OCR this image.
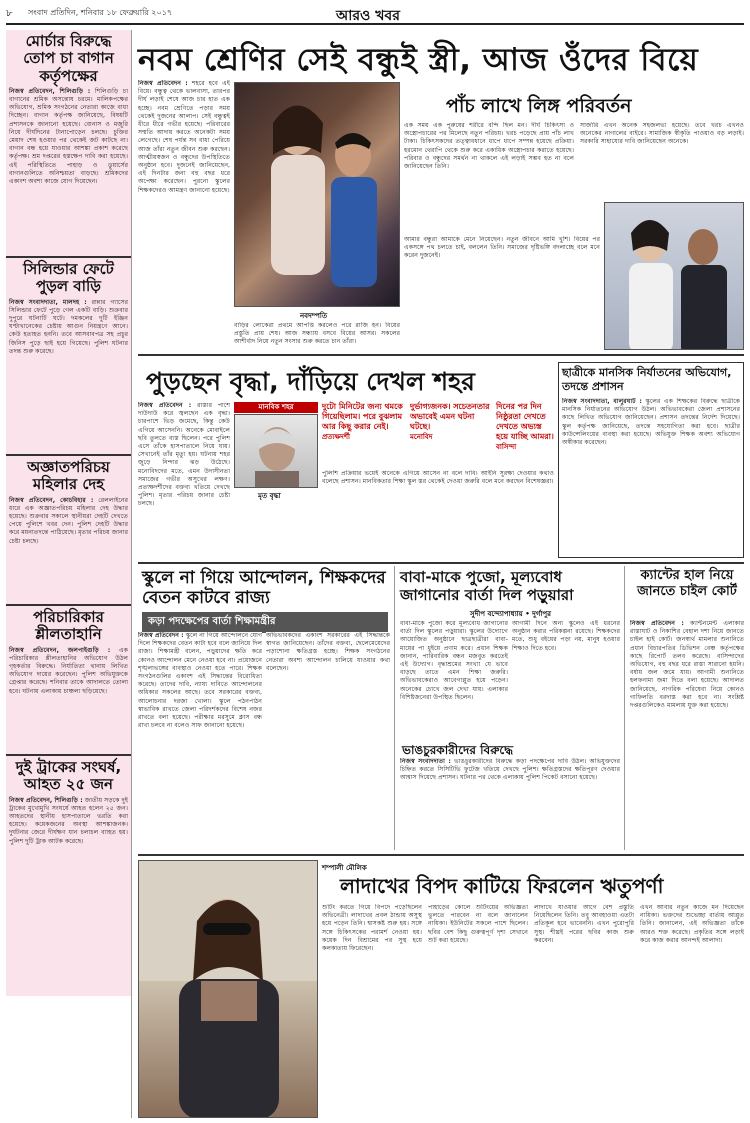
৮ সংবাদ প্রতিদিন, শনিবার ১৮ ফেব্রুয়ারি ২০১৭	আরও খবর
মোর্চার বিরুদ্ধে তোপ চা বাগান কর্তৃপক্ষের
নিজস্ব প্রতিবেদন, শিলিগুড়ি : শিলিগুড়ি চা বাগানের শ্রমিক অসন্তোষ চরমে। মালিকপক্ষের অভিযোগ, শ্রমিক সংগঠনের নেতারা কাজে বাধা দিচ্ছেন। বাগান কর্তৃপক্ষ জানিয়েছে, বিষয়টি প্রশাসনকে জানানো হয়েছে। বোনাস ও মজুরি নিয়ে দীর্ঘদিনের টানাপোড়েন চলছে। চুক্তির মেয়াদ শেষ হওয়ার পর থেকেই জট কাটছে না। বাগান বন্ধ হয়ে যাওয়ার আশঙ্কা প্রকাশ করেছে কর্তৃপক্ষ। শ্রম দপ্তরের হস্তক্ষেপ দাবি করা হয়েছে। এই পরিস্থিতিতে পাহাড় ও ডুয়ার্সের বাগানগুলিতে অনিশ্চয়তা বাড়ছে। শ্রমিকদের একাংশ অবশ্য কাজে যোগ দিয়েছেন।
সিলিন্ডার ফেটে পুড়ল বাড়ি
নিজস্ব সংবাদদাতা, মালদহ : রান্নার গ্যাসের সিলিন্ডার ফেটে পুড়ে গেল একটি বাড়ি। শুক্রবার দুপুরে ঘটনাটি ঘটে। দমকলের দুটি ইঞ্জিন ঘণ্টাখানেকের চেষ্টায় আগুন নিয়ন্ত্রণে আনে। কেউ হতাহত হননি। তবে আসবাবপত্র সহ প্রচুর জিনিস পুড়ে ছাই হয়ে গিয়েছে। পুলিশ ঘটনার তদন্ত শুরু করেছে।
অজ্ঞাতপরিচয় মহিলার দেহ
নিজস্ব প্রতিবেদন, কোচবিহার : রেললাইনের ধারে এক অজ্ঞাতপরিচয় মহিলার দেহ উদ্ধার হয়েছে। শুক্রবার সকালে স্থানীয়রা দেহটি দেখতে পেয়ে পুলিশে খবর দেন। পুলিশ দেহটি উদ্ধার করে ময়নাতদন্তে পাঠিয়েছে। মৃতার পরিচয় জানার চেষ্টা চলছে।
পরিচারিকার শ্লীলতাহানি
নিজস্ব প্রতিবেদন, জলপাইগুড়ি : এক পরিচারিকার শ্লীলতাহানির অভিযোগ উঠল গৃহকর্তার বিরুদ্ধে। নির্যাতিতা থানায় লিখিত অভিযোগ দায়ের করেছেন। পুলিশ অভিযুক্তকে গ্রেপ্তার করেছে। শনিবার তাকে আদালতে তোলা হবে। ঘটনায় এলাকায় চাঞ্চল্য ছড়িয়েছে।
দুই ট্রাকের সংঘর্ষ, আহত ২৫ জন
নিজস্ব প্রতিবেদন, শিলিগুড়ি : জাতীয় সড়কে দুই ট্রাকের মুখোমুখি সংঘর্ষে আহত হলেন ২৫ জন। আহতদের স্থানীয় হাসপাতালে ভরতি করা হয়েছে। কয়েকজনের অবস্থা আশঙ্কাজনক। দুর্ঘটনার জেরে দীর্ঘক্ষণ যান চলাচল ব্যাহত হয়। পুলিশ দুটি ট্রাক আটক করেছে।
নবম শ্রেণির সেই বন্ধুই স্ত্রী, আজ ওঁদের বিয়ে
নিজস্ব প্রতিবেদন : শহরে হবে এই বিয়ে। বন্ধুত্ব থেকে ভালবাসা, তারপর দীর্ঘ লড়াই শেষে আজ চার হাত এক হচ্ছে। নবম শ্রেণিতে পড়ার সময় থেকেই দুজনের আলাপ। সেই বন্ধুত্বই ধীরে ধীরে গভীর হয়েছে। পরিবারের সম্মতি আদায় করতে অনেকটা সময় লেগেছে। শেষ পর্যন্ত সব বাধা পেরিয়ে আজ তাঁরা নতুন জীবন শুরু করছেন। আত্মীয়স্বজন ও বন্ধুদের উপস্থিতিতে অনুষ্ঠান হবে। দুজনেই জানিয়েছেন, এই দিনটার জন্য বহু বছর ধরে অপেক্ষা করেছেন। পুরনো স্কুলের শিক্ষকদেরও আমন্ত্রণ জানানো হয়েছে।
নবদম্পতি
বাড়ির লোকেরা প্রথমে আপত্তি করলেও পরে রাজি হন। বিয়ের প্রস্তুতি প্রায় শেষ। আজ সন্ধ্যায় বসবে বিয়ের আসর। সকলের আশীর্বাদ নিয়ে নতুন সংসার শুরু করতে চান তাঁরা।
পাঁচ লাখে লিঙ্গ পরিবর্তন
এক সময় এক পুরুষের শরীরে বন্দি ছিল মন। দীর্ঘ চিকিৎসা ও অস্ত্রোপচারের পর মিলেছে নতুন পরিচয়। খরচ পড়েছে প্রায় পাঁচ লাখ টাকা। চিকিৎসকদের তত্ত্বাবধানে ধাপে ধাপে সম্পন্ন হয়েছে প্রক্রিয়া। হরমোন থেরাপি থেকে শুরু করে একাধিক অস্ত্রোপচার করাতে হয়েছে। পরিবার ও বন্ধুদের সমর্থন না থাকলে এই লড়াই সম্ভব হত না বলে জানিয়েছেন তিনি।
সার্জারি এখন অনেক সহজলভ্য হয়েছে। তবে খরচ এখনও অনেকের নাগালের বাইরে। সামাজিক স্বীকৃতি পাওয়াও বড় লড়াই। সরকারি সাহায্যের দাবি জানিয়েছেন অনেকে।
আমার বন্ধুরা আমাকে মেনে নিয়েছেন। নতুন জীবনে আমি খুশি। বিয়ের পর একসঙ্গে পথ চলতে চাই, বললেন তিনি। সমাজের দৃষ্টিভঙ্গি বদলাচ্ছে বলে মনে করেন দুজনেই।
পুড়ছেন বৃদ্ধা, দাঁড়িয়ে দেখল শহর
নিজস্ব প্রতিবেদন : রাস্তার পাশে দাউদাউ করে জ্বলছেন এক বৃদ্ধা। চারপাশে ভিড় জমেছে, কিন্তু কেউ এগিয়ে আসেননি। অনেকে মোবাইলে ছবি তুলতে ব্যস্ত ছিলেন। পরে পুলিশ এসে তাঁকে হাসপাতালে নিয়ে যায়। সেখানেই তাঁর মৃত্যু হয়। ঘটনায় শহর জুড়ে নিন্দার ঝড় উঠেছে। মনোবিদদের মতে, এমন উদাসীনতা সমাজের গভীর অসুখের লক্ষণ। প্রত্যক্ষদর্শীদের বক্তব্য খতিয়ে দেখছে পুলিশ। মৃতার পরিচয় জানার চেষ্টা চলছে।
মানবিক শহর
মৃত বৃদ্ধা
দুটো মিনিটের জন্য থমকে গিয়েছিলাম। পরে বুঝলাম আর কিছু করার নেই।
প্রত্যক্ষদর্শী
দুর্ভাগ্যজনক। সচেতনতার অভাবেই এমন ঘটনা ঘটছে।
মনোবিদ
দিনের পর দিন নিষ্ঠুরতা দেখতে দেখতে অভ্যস্ত হয়ে যাচ্ছি আমরা।
বাসিন্দা
পুলিশি প্রক্রিয়ার ভয়েই অনেকে এগিয়ে আসেন না বলে দাবি। আইনি সুরক্ষা দেওয়ার কথাও বলেছে প্রশাসন। মানবিকতার শিক্ষা স্কুল স্তর থেকেই দেওয়া জরুরি বলে মনে করছেন বিশেষজ্ঞরা।
ছাত্রীকে মানসিক নির্যাতনের অভিযোগ, তদন্তে প্রশাসন
নিজস্ব সংবাদদাতা, বালুরঘাট : স্কুলের এক শিক্ষকের বিরুদ্ধে ছাত্রীকে মানসিক নির্যাতনের অভিযোগ উঠল। অভিভাবকেরা জেলা প্রশাসনের কাছে লিখিত অভিযোগ জানিয়েছেন। প্রশাসন তদন্তের নির্দেশ দিয়েছে। স্কুল কর্তৃপক্ষ জানিয়েছে, তদন্তে সহযোগিতা করা হবে। ছাত্রীর কাউন্সেলিংয়ের ব্যবস্থা করা হয়েছে। অভিযুক্ত শিক্ষক অবশ্য অভিযোগ অস্বীকার করেছেন।
স্কুলে না গিয়ে আন্দোলন, শিক্ষকদের বেতন কাটবে রাজ্য
কড়া পদক্ষেপের বার্তা শিক্ষামন্ত্রীর
নিজস্ব প্রতিবেদন : স্কুলে না গিয়ে আন্দোলনে যোগ দিলে শিক্ষকদের বেতন কাটা হবে বলে জানিয়ে দিল রাজ্য। শিক্ষামন্ত্রী বলেন, পড়ুয়াদের ক্ষতি করে কোনও আন্দোলন মেনে নেওয়া হবে না। প্রয়োজনে শৃঙ্খলাভঙ্গের ব্যবস্থাও নেওয়া হতে পারে। শিক্ষক সংগঠনগুলির একাংশ এই সিদ্ধান্তের বিরোধিতা করেছে। তাদের দাবি, ন্যায্য দাবিতে আন্দোলনের অধিকার সকলের আছে। তবে সরকারের বক্তব্য, আলোচনার দরজা খোলা। স্কুলে পঠনপাঠন স্বাভাবিক রাখতে জেলা পরিদর্শকদের বিশেষ নজর রাখতে বলা হয়েছে। পরীক্ষার মরসুমে ক্লাস বন্ধ রাখা চলবে না বলেও সাফ জানানো হয়েছে।
অভিভাবকদের একাংশ সরকারের এই সিদ্ধান্তকে স্বাগত জানিয়েছেন। তাঁদের বক্তব্য, ছেলেমেয়েদের পড়াশোনা ক্ষতিগ্রস্ত হচ্ছে। শিক্ষক সংগঠনের নেতারা অবশ্য আন্দোলন চালিয়ে যাওয়ার কথা বলেছেন।
বাবা-মাকে পুজো, মূল্যবোধ জাগানোর বার্তা দিল পড়ুয়ারা
সুদীপ বন্দ্যোপাধ্যায় • দুর্গাপুর
বাবা-মাকে পুজো করে মূল্যবোধ জাগানোর বার্তা দিল স্কুলের পড়ুয়ারা। স্কুলের উদ্যোগে আয়োজিত অনুষ্ঠানে ছাত্রছাত্রীরা বাবা-মায়ের পা ধুইয়ে প্রণাম করে। প্রধান শিক্ষক জানান, পারিবারিক বন্ধন মজবুত করতেই এই উদ্যোগ। বৃদ্ধাশ্রমের সংখ্যা যে ভাবে বাড়ছে তাতে এমন শিক্ষা জরুরি। অভিভাবকেরাও আবেগাপ্লুত হয়ে পড়েন। অনেকের চোখে জল দেখা যায়। এলাকার বিশিষ্টজনেরা উপস্থিত ছিলেন।
আগামী দিনে অন্য স্কুলেও এই ধরনের অনুষ্ঠান করার পরিকল্পনা রয়েছে। শিক্ষকদের মতে, শুধু বইয়ের পড়া নয়, মানুষ হওয়ার শিক্ষাও দিতে হবে।
ভাঙচুরকারীদের বিরুদ্ধে
নিজস্ব সংবাদদাতা : ভাঙচুরকারীদের বিরুদ্ধে কড়া পদক্ষেপের দাবি উঠল। অভিযুক্তদের চিহ্নিত করতে সিসিটিভি ফুটেজ খতিয়ে দেখছে পুলিশ। ক্ষতিগ্রস্তদের ক্ষতিপূরণ দেওয়ার আশ্বাস দিয়েছে প্রশাসন। ঘটনার পর থেকে এলাকায় পুলিশ পিকেট বসানো হয়েছে।
ক্যান্টের হাল নিয়ে জানতে চাইল কোর্ট
নিজস্ব প্রতিবেদন : ক্যান্টনমেন্ট এলাকার রাস্তাঘাট ও নিকাশির বেহাল দশা নিয়ে জানতে চাইল হাই কোর্ট। জনস্বার্থ মামলার শুনানিতে প্রধান বিচারপতির ডিভিশন বেঞ্চ কর্তৃপক্ষের কাছে রিপোর্ট তলব করেছে। বাসিন্দাদের অভিযোগ, বহু বছর ধরে রাস্তা সারানো হয়নি। বর্ষায় জল জমে যায়। আগামী শুনানিতে হলফনামা জমা দিতে বলা হয়েছে। আদালত জানিয়েছে, নাগরিক পরিষেবা নিয়ে কোনও গাফিলতি বরদাস্ত করা হবে না। সংশ্লিষ্ট দপ্তরগুলিকেও মামলায় যুক্ত করা হয়েছে।
শম্পালী মৌলিক
লাদাখের বিপদ কাটিয়ে ফিরলেন ঋতুপর্ণা
শুটিং করতে গিয়ে বিপদে পড়েছিলেন অভিনেত্রী। লাদাখের প্রবল ঠান্ডায় অসুস্থ হয়ে পড়েন তিনি। শ্বাসকষ্ট শুরু হয়। সঙ্গে সঙ্গে চিকিৎসকের পরামর্শ নেওয়া হয়। কয়েক দিন বিশ্রামের পর সুস্থ হয়ে কলকাতায় ফিরেছেন।
পাহাড়ের কোলে শুটিংয়ের অভিজ্ঞতা ভুলতে পারবেন না বলে জানালেন নায়িকা। ইউনিটের সকলে পাশে ছিলেন। ছবির বেশ কিছু গুরুত্বপূর্ণ দৃশ্য সেখানে শুট করা হয়েছে।
লাদাখে যাওয়ার আগে বেশ প্রস্তুতি নিয়েছিলেন তিনি। তবু আবহাওয়া এতটা প্রতিকূল হবে ভাবেননি। এখন পুরোপুরি সুস্থ। শীঘ্রই পরের ছবির কাজ শুরু করবেন।
এখন আবার নতুন কাজে মন দিয়েছেন নায়িকা। ভক্তদের শুভেচ্ছা বার্তায় আপ্লুত তিনি। জানালেন, এই অভিজ্ঞতা তাঁকে আরও শক্ত করেছে। প্রকৃতির সঙ্গে লড়াই করে কাজ করার আনন্দই আলাদা।
